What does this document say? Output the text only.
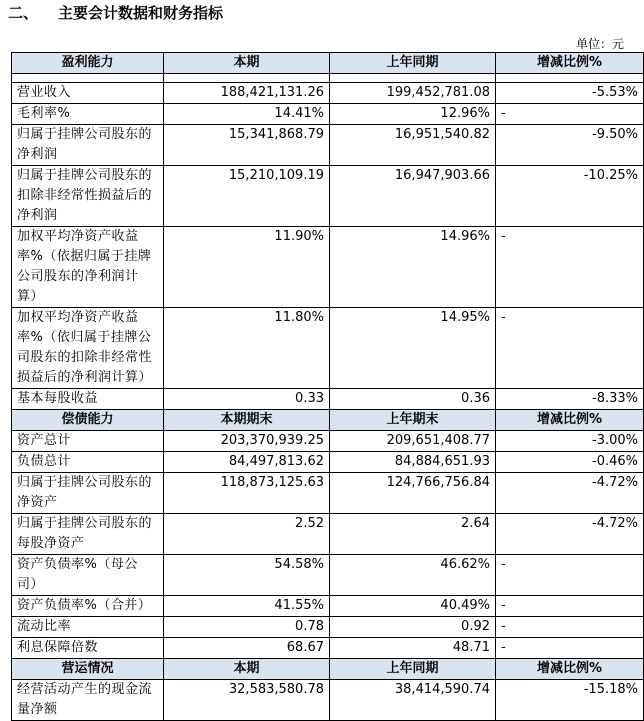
二、 主要会计数据和财务指标
单位：元
盈利能力	本期	上年同期	增减比例%

营业收入	188,421,131.26	199,452,781.08	-5.53%
毛利率%	14.41%	12.96%	-
归属于挂牌公司股东的净利润	15,341,868.79	16,951,540.82	-9.50%
归属于挂牌公司股东的扣除非经常性损益后的净利润	15,210,109.19	16,947,903.66	-10.25%
加权平均净资产收益率%（依据归属于挂牌公司股东的净利润计算）	11.90%	14.96%	-
加权平均净资产收益率%（依归属于挂牌公司股东的扣除非经常性损益后的净利润计算）	11.80%	14.95%	-
基本每股收益	0.33	0.36	-8.33%
偿债能力	本期期末	上年期末	增减比例%
资产总计	203,370,939.25	209,651,408.77	-3.00%
负债总计	84,497,813.62	84,884,651.93	-0.46%
归属于挂牌公司股东的净资产	118,873,125.63	124,766,756.84	-4.72%
归属于挂牌公司股东的每股净资产	2.52	2.64	-4.72%
资产负债率%（母公司）	54.58%	46.62%	-
资产负债率%（合并）	41.55%	40.49%	-
流动比率	0.78	0.92	-
利息保障倍数	68.67	48.71	-
营运情况	本期	上年同期	增减比例%
经营活动产生的现金流量净额	32,583,580.78	38,414,590.74	-15.18%
